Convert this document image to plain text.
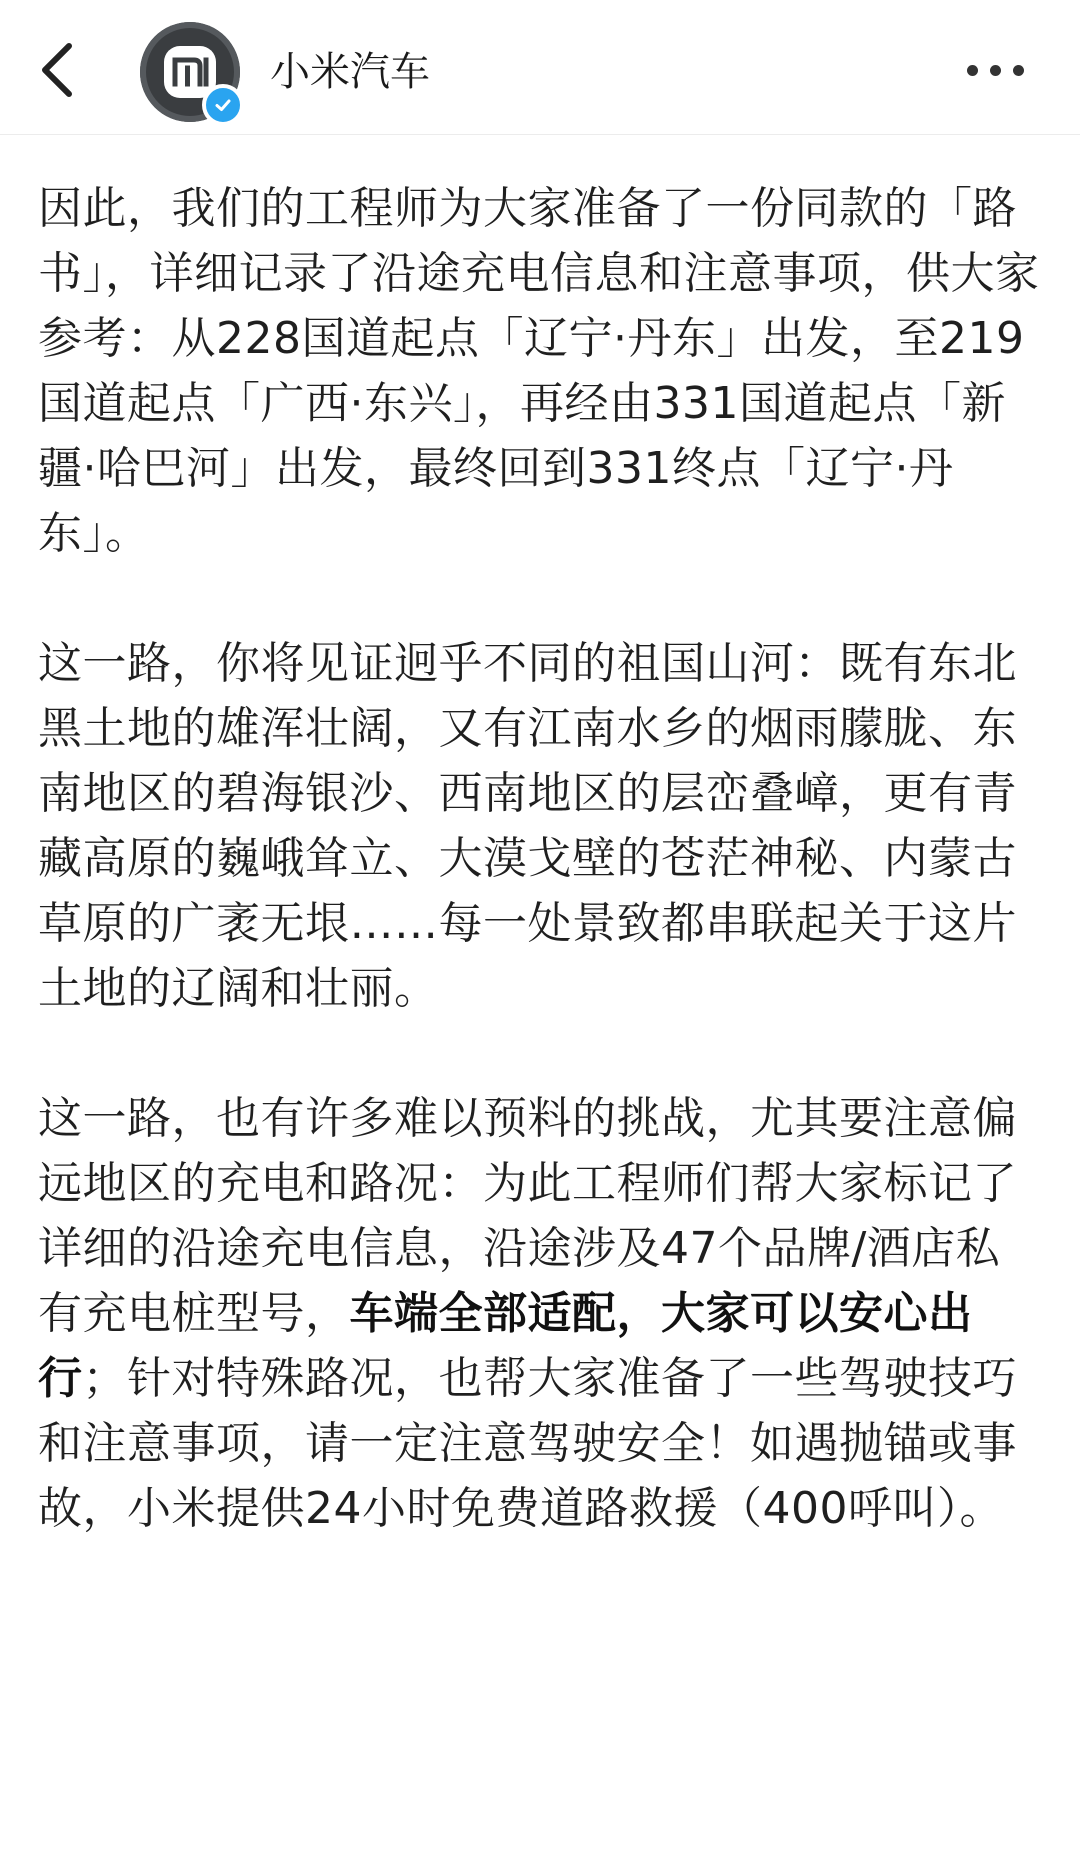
小米汽车

因此，我们的工程师为大家准备了一份同款的「路书」，详细记录了沿途充电信息和注意事项，供大家参考：从228国道起点「辽宁·丹东」出发，至219国道起点「广西·东兴」，再经由331国道起点「新疆·哈巴河」出发，最终回到331终点「辽宁·丹东」。

这一路，你将见证迥乎不同的祖国山河：既有东北黑土地的雄浑壮阔，又有江南水乡的烟雨朦胧、东南地区的碧海银沙、西南地区的层峦叠嶂，更有青藏高原的巍峨耸立、大漠戈壁的苍茫神秘、内蒙古草原的广袤无垠……每一处景致都串联起关于这片土地的辽阔和壮丽。

这一路，也有许多难以预料的挑战，尤其要注意偏远地区的充电和路况：为此工程师们帮大家标记了详细的沿途充电信息，沿途涉及47个品牌/酒店私有充电桩型号，车端全部适配，大家可以安心出行；针对特殊路况，也帮大家准备了一些驾驶技巧和注意事项，请一定注意驾驶安全！如遇抛锚或事故，小米提供24小时免费道路救援（400呼叫）。
